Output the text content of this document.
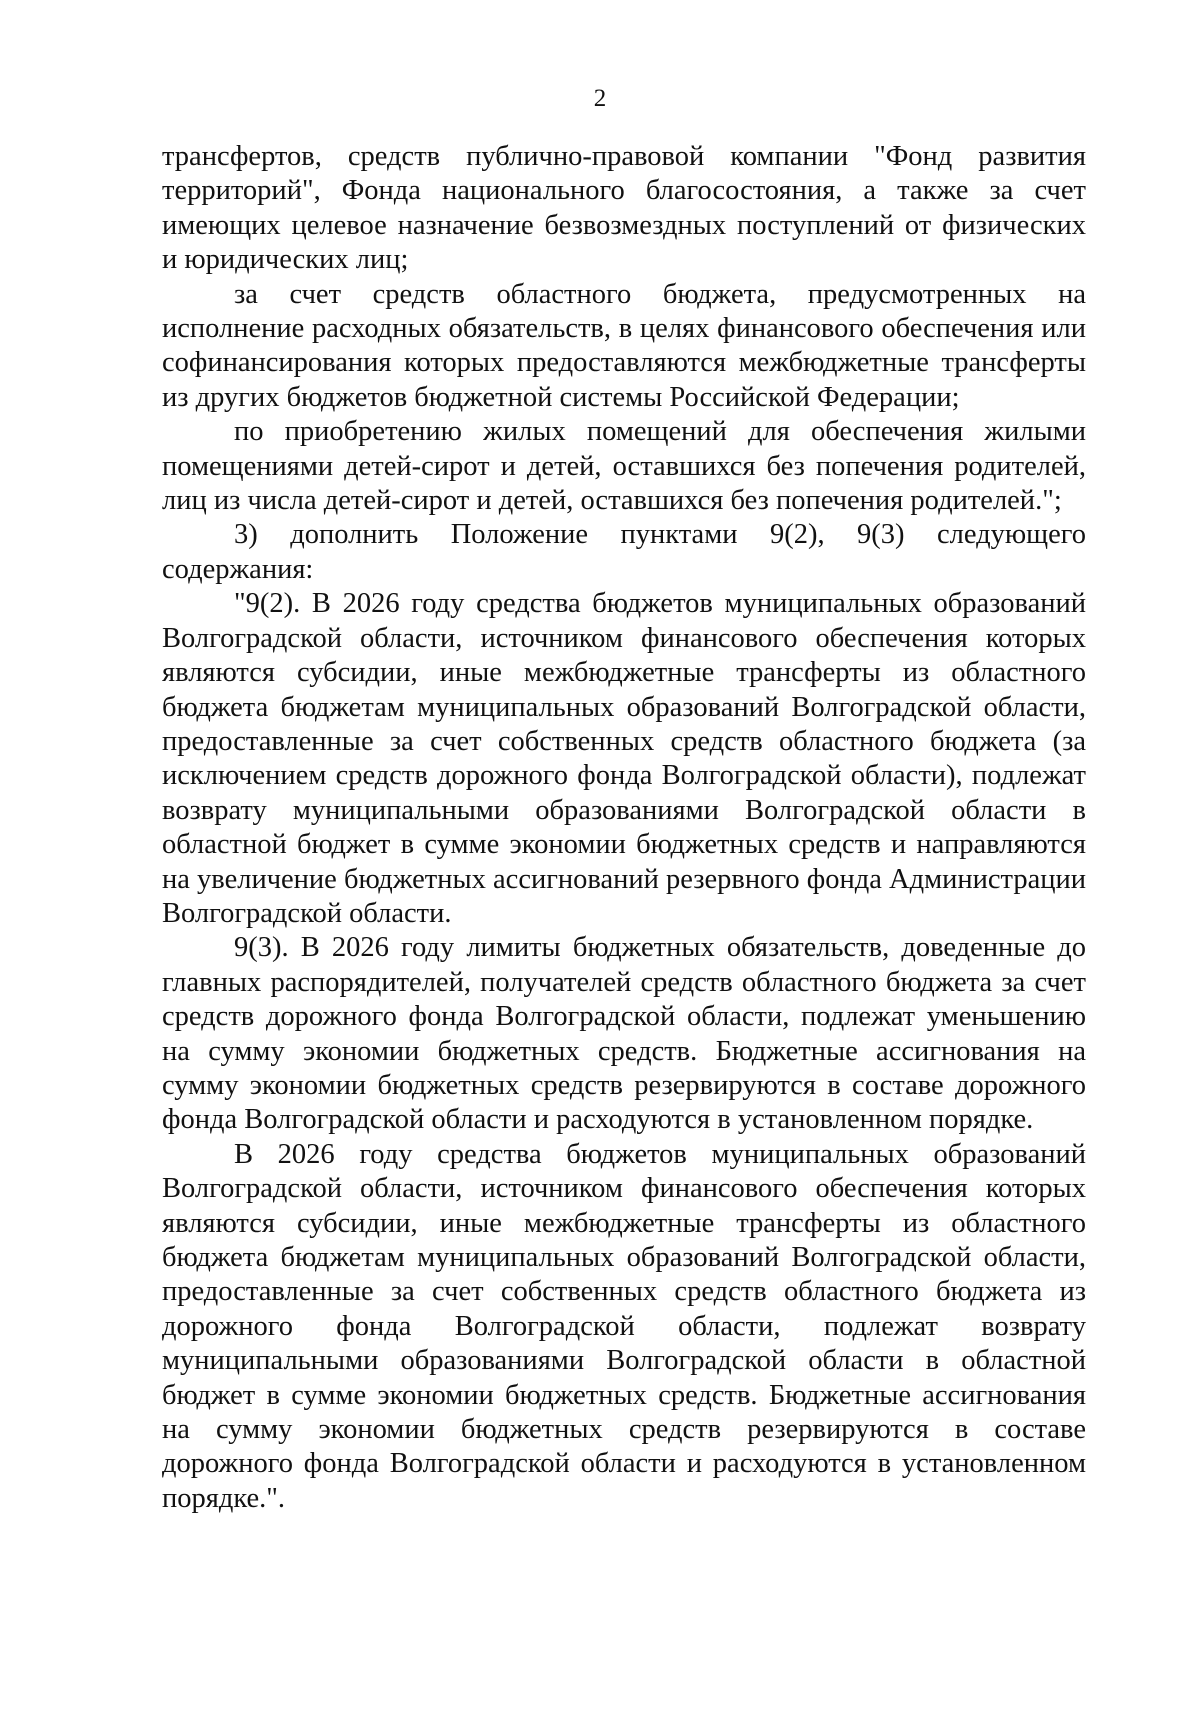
2

трансфертов, средств публично-правовой компании "Фонд развития территорий", Фонда национального благосостояния, а также за счет имеющих целевое назначение безвозмездных поступлений от физических и юридических лиц;

за счет средств областного бюджета, предусмотренных на исполнение расходных обязательств, в целях финансового обеспечения или софинансирования которых предоставляются межбюджетные трансферты из других бюджетов бюджетной системы Российской Федерации;

по приобретению жилых помещений для обеспечения жилыми помещениями детей-сирот и детей, оставшихся без попечения родителей, лиц из числа детей-сирот и детей, оставшихся без попечения родителей.";

3) дополнить Положение пунктами 9(2), 9(3) следующего содержания:

"9(2). В 2026 году средства бюджетов муниципальных образований Волгоградской области, источником финансового обеспечения которых являются субсидии, иные межбюджетные трансферты из областного бюджета бюджетам муниципальных образований Волгоградской области, предоставленные за счет собственных средств областного бюджета (за исключением средств дорожного фонда Волгоградской области), подлежат возврату муниципальными образованиями Волгоградской области в областной бюджет в сумме экономии бюджетных средств и направляются на увеличение бюджетных ассигнований резервного фонда Администрации Волгоградской области.

9(3). В 2026 году лимиты бюджетных обязательств, доведенные до главных распорядителей, получателей средств областного бюджета за счет средств дорожного фонда Волгоградской области, подлежат уменьшению на сумму экономии бюджетных средств. Бюджетные ассигнования на сумму экономии бюджетных средств резервируются в составе дорожного фонда Волгоградской области и расходуются в установленном порядке.

В 2026 году средства бюджетов муниципальных образований Волгоградской области, источником финансового обеспечения которых являются субсидии, иные межбюджетные трансферты из областного бюджета бюджетам муниципальных образований Волгоградской области, предоставленные за счет собственных средств областного бюджета из дорожного фонда Волгоградской области, подлежат возврату муниципальными образованиями Волгоградской области в областной бюджет в сумме экономии бюджетных средств. Бюджетные ассигнования на сумму экономии бюджетных средств резервируются в составе дорожного фонда Волгоградской области и расходуются в установленном порядке.".
